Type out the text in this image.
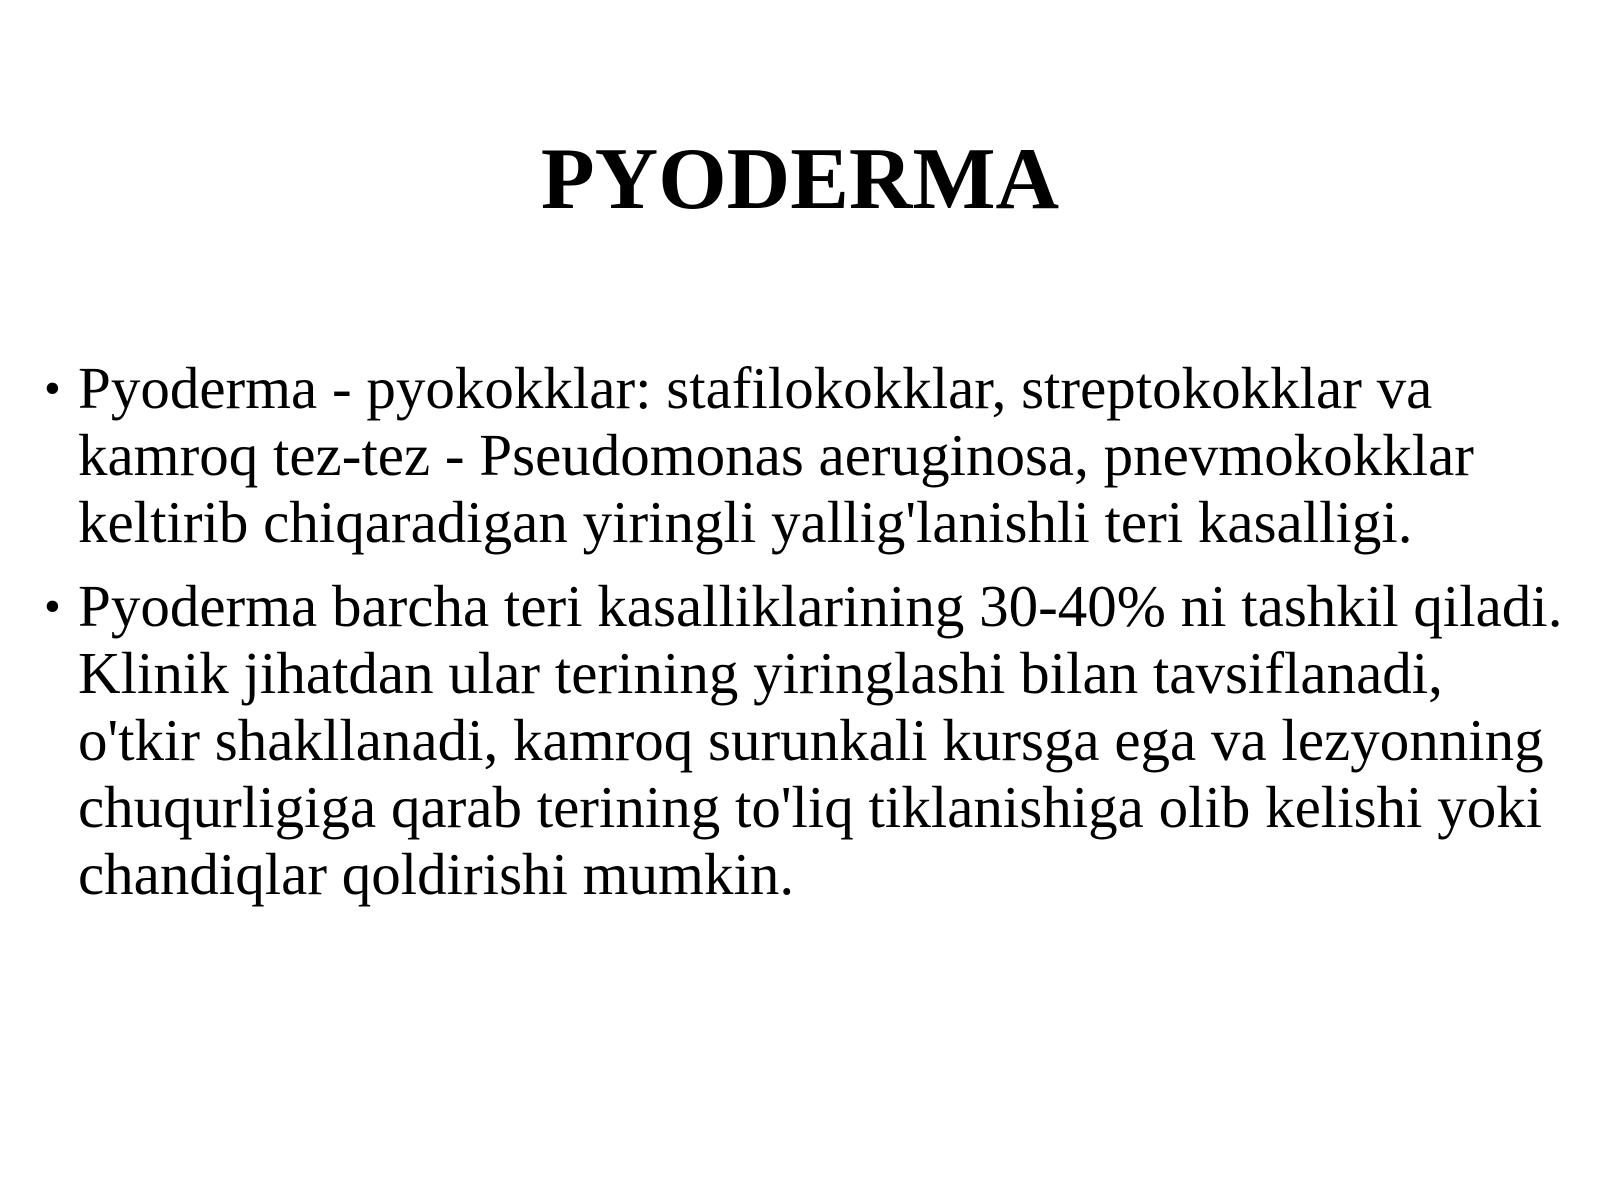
PYODERMA
• Pyoderma - pyokokklar: stafilokokklar, streptokokklar va kamroq tez-tez - Pseudomonas aeruginosa, pnevmokokklar keltirib chiqaradigan yiringli yallig'lanishli teri kasalligi.
• Pyoderma barcha teri kasalliklarining 30-40% ni tashkil qiladi. Klinik jihatdan ular terining yiringlashi bilan tavsiflanadi, o'tkir shakllanadi, kamroq surunkali kursga ega va lezyonning chuqurligiga qarab terining to'liq tiklanishiga olib kelishi yoki chandiqlar qoldirishi mumkin.
